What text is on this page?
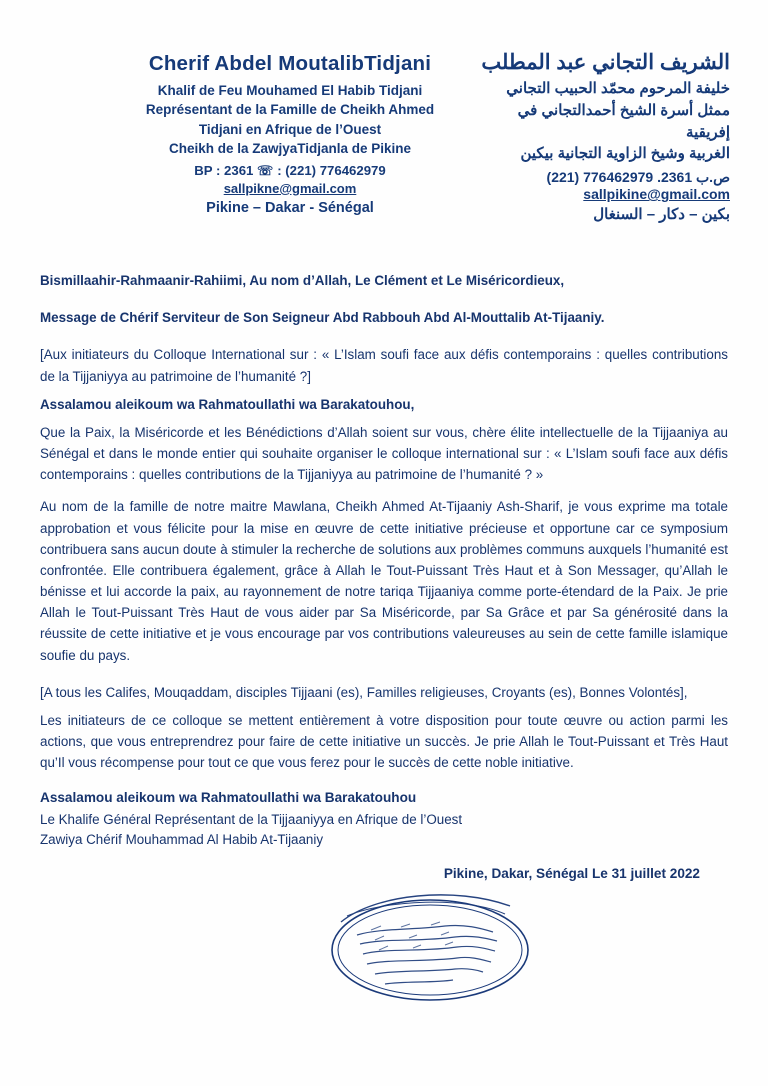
Cherif Abdel MoutalibTidjani
Khalif de Feu Mouhamed El Habib Tidjani
Représentant de la Famille de Cheikh Ahmed
Tidjani en Afrique de l’Ouest
Cheikh de la ZawjyaTidjanla de Pikine
BP : 2361 ☏ : (221) 776462979
sallpikne@gmail.com
Pikine – Dakar - Sénégal
الشريف التجاني عبد المطلب
خليفة المرحوم محمّد الحبيب التجاني
ممثل أسرة الشيخ أحمدالتجاني في إفريقية
الغربية وشيخ الزاوية التجانية بيكين
(221) 776462979 .2361 ص.ب
sallpikine@gmail.com
بكين – دكار – السنغال

Bismillaahir-Rahmaanir-Rahiimi, Au nom d’Allah, Le Clément et Le Miséricordieux,

Message de Chérif Serviteur de Son Seigneur Abd Rabbouh Abd Al-Mouttalib At-Tijaaniy.

[Aux initiateurs du Colloque International sur : « L’Islam soufi face aux défis contemporains : quelles contributions de la Tijjaniyya au patrimoine de l’humanité ?]

Assalamou aleikoum wa Rahmatoullathi wa Barakatouhou,

Que la Paix, la Miséricorde et les Bénédictions d’Allah soient sur vous, chère élite intellectuelle de la Tijjaaniya au Sénégal et dans le monde entier qui souhaite organiser le colloque international sur : « L’Islam soufi face aux défis contemporains : quelles contributions de la Tijjaniyya au patrimoine de l’humanité ? »

Au nom de la famille de notre maitre Mawlana, Cheikh Ahmed At-Tijaaniy Ash-Sharif, je vous exprime ma totale approbation et vous félicite pour la mise en œuvre de cette initiative précieuse et opportune car ce symposium contribuera sans aucun doute à stimuler la recherche de solutions aux problèmes communs auxquels l’humanité est confrontée. Elle contribuera également, grâce à Allah le Tout-Puissant Très Haut et à Son Messager, qu’Allah le bénisse et lui accorde la paix, au rayonnement de notre tariqa Tijjaaniya comme porte-étendard de la Paix. Je prie Allah le Tout-Puissant Très Haut de vous aider par Sa Miséricorde, par Sa Grâce et par Sa générosité dans la réussite de cette initiative et je vous encourage par vos contributions valeureuses au sein de cette famille islamique soufie du pays.

[A tous les Califes, Mouqaddam, disciples Tijjaani (es), Familles religieuses, Croyants (es), Bonnes Volontés],

Les initiateurs de ce colloque se mettent entièrement à votre disposition pour toute œuvre ou action parmi les actions, que vous entreprendrez pour faire de cette initiative un succès. Je prie Allah le Tout-Puissant et Très Haut qu’Il vous récompense pour tout ce que vous ferez pour le succès de cette noble initiative.

Assalamou aleikoum wa Rahmatoullathi wa Barakatouhou
Le Khalife Général Représentant de la Tijjaaniyya en Afrique de l’Ouest
Zawiya Chérif Mouhammad Al Habib At-Tijaaniy
Pikine, Dakar, Sénégal Le 31 juillet 2022
